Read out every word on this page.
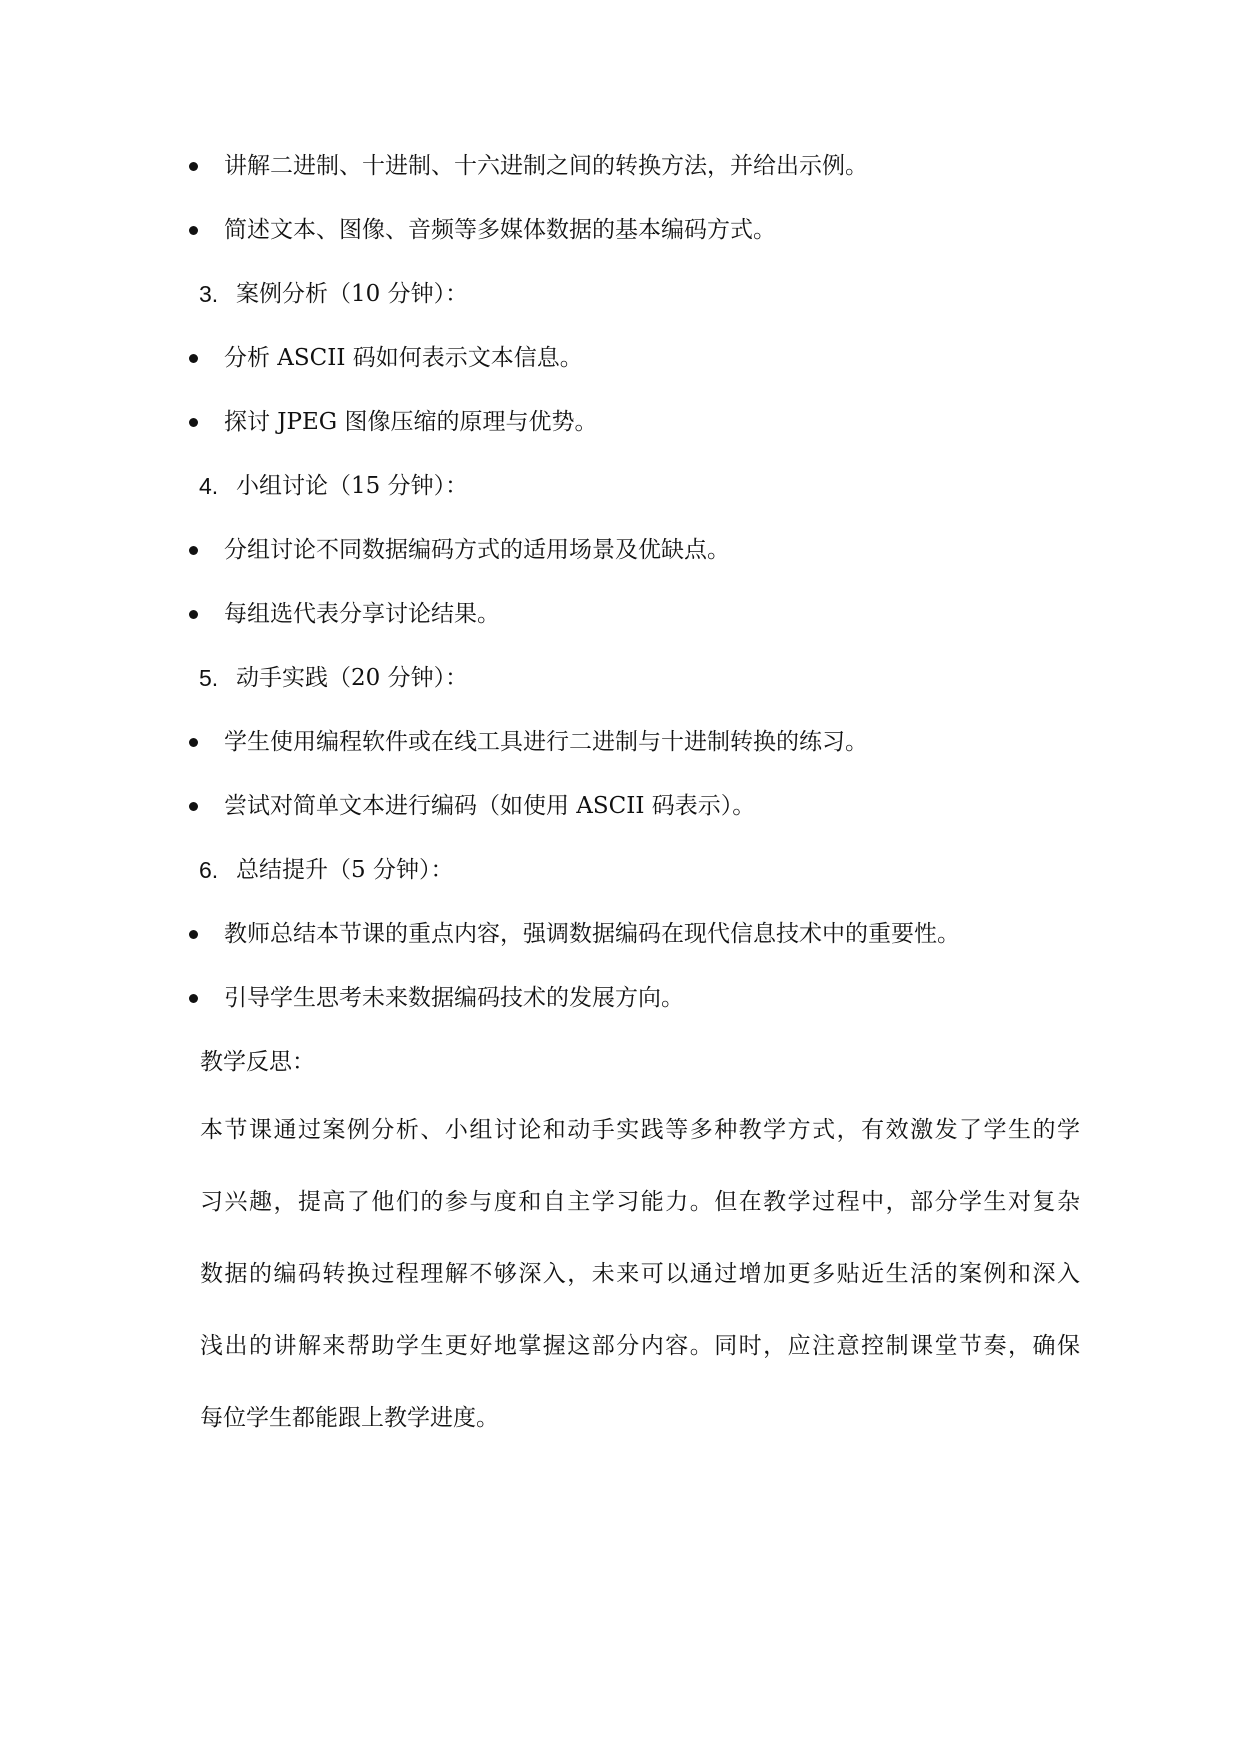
讲解二进制、十进制、十六进制之间的转换方法，并给出示例。
简述文本、图像、音频等多媒体数据的基本编码方式。
3. 案例分析（10 分钟）：
分析 ASCII 码如何表示文本信息。
探讨 JPEG 图像压缩的原理与优势。
4. 小组讨论（15 分钟）：
分组讨论不同数据编码方式的适用场景及优缺点。
每组选代表分享讨论结果。
5. 动手实践（20 分钟）：
学生使用编程软件或在线工具进行二进制与十进制转换的练习。
尝试对简单文本进行编码（如使用 ASCII 码表示）。
6. 总结提升（5 分钟）：
教师总结本节课的重点内容，强调数据编码在现代信息技术中的重要性。
引导学生思考未来数据编码技术的发展方向。
教学反思：
本节课通过案例分析、小组讨论和动手实践等多种教学方式，有效激发了学生的学
习兴趣，提高了他们的参与度和自主学习能力。但在教学过程中，部分学生对复杂
数据的编码转换过程理解不够深入，未来可以通过增加更多贴近生活的案例和深入
浅出的讲解来帮助学生更好地掌握这部分内容。同时，应注意控制课堂节奏，确保
每位学生都能跟上教学进度。
